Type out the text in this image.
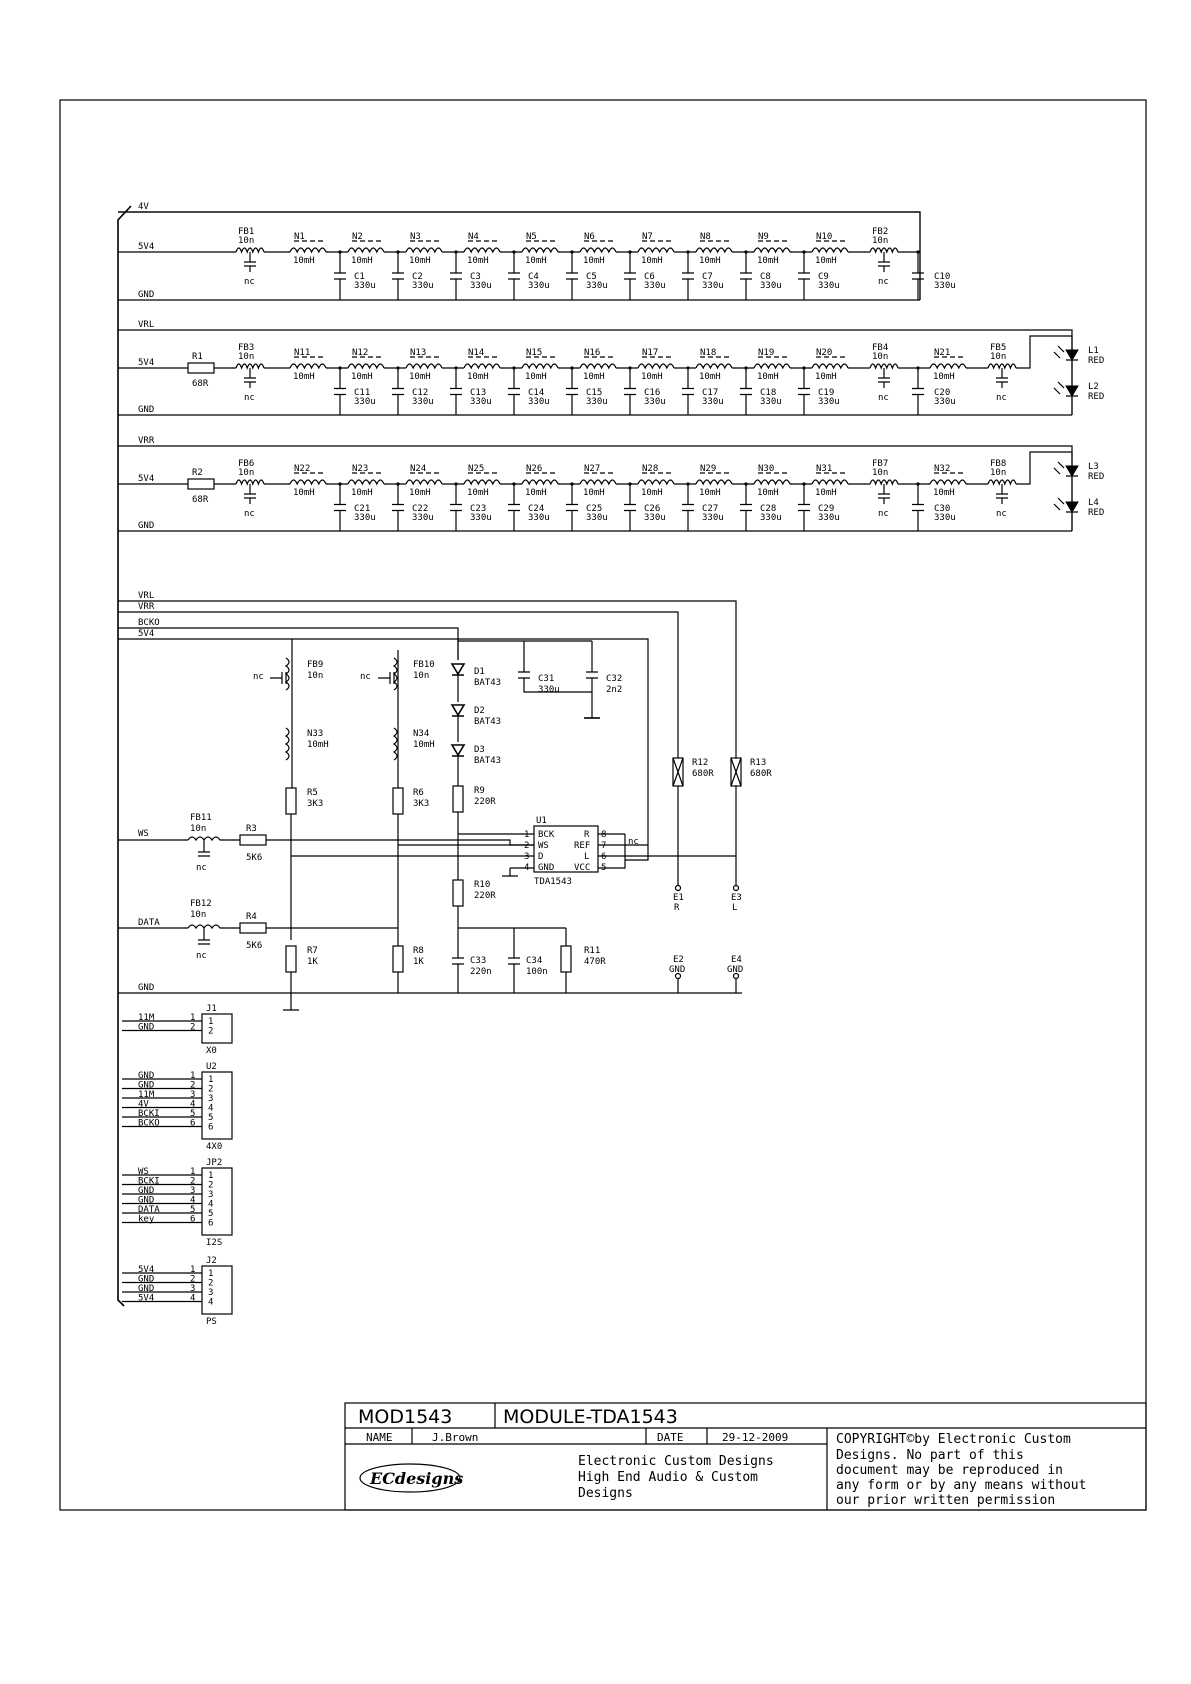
4V
5V4
GND
FB1
10n
nc
N1
10mH
C1
330u
N2
10mH
C2
330u
N3
10mH
C3
330u
N4
10mH
C4
330u
N5
10mH
C5
330u
N6
10mH
C6
330u
N7
10mH
C7
330u
N8
10mH
C8
330u
N9
10mH
C9
330u
N10
10mH
FB2
10n
nc	C10
330u
VRL
5V4
GND
R1
68R
FB3
10n
nc
N11
10mH
C11
330u
N12
10mH
C12
330u
N13
10mH
C13
330u
N14
10mH
C14
330u
N15
10mH
C15
330u
N16
10mH
C16
330u
N17
10mH
C17
330u
N18
10mH
C18
330u
N19
10mH
C19
330u
N20
10mH
FB4
10n
nc	C20
330u
N21
10mH
FB5
10n
nc
L1
RED
L2
RED
VRR
5V4
GND
R2
68R
FB6
10n
nc
N22
10mH
C21
330u
N23
10mH
C22
330u
N24
10mH
C23
330u
N25
10mH
C24
330u
N26
10mH
C25
330u
N27
10mH
C26
330u
N28
10mH
C27
330u
N29
10mH
C28
330u
N30
10mH
C29
330u
N31
10mH
FB7
10n
nc	C30
330u
N32
10mH
FB8
10n
nc
L3
RED
L4
RED
VRL
VRR
BCKO
5V4
WS
DATA
GND
FB9
10n
nc
N33
10mH
R5
3K3
FB10
10n
nc
N34
10mH
R6
3K3
D1
BAT43
D2
BAT43
D3
BAT43
R9
220R
C31
330u
C32
2n2
R12
680R
R13
680R
U1
TDA1543
BCK
1
WS
2
D
3
GND
4
R 8
REF 7
L 6
VCC 5
nc
FB11
10n
nc
R3
5K6
FB12
10n
nc
R4
5K6	R7
1K
R8
1K
R10
220R
C33
220n
C34
100n
R11
470R
E1
R
E3
L
E2
GND
E4
GND
J1
X0
11M	1 1
GND	2 2
U2
4X0
GND	1 1
GND	2 2
11M	3 3
4V	4 4
BCKI	5 5
BCKO	6 6
JP2
I2S
WS	1 1
BCKI	2 2
GND	3 3
GND	4 4
DATA	5 5
key	6 6
J2
PS
5V4	1 1
GND	2 2
GND	3 3
5V4	4 4
MOD1543	MODULE-TDA1543
NAME	J.Brown	DATE	29-12-2009
ECdesigns
Electronic Custom Designs
High End Audio & Custom
Designs
COPYRIGHT©by Electronic Custom
Designs. No part of this
document may be reproduced in
any form or by any means without
our prior written permission
